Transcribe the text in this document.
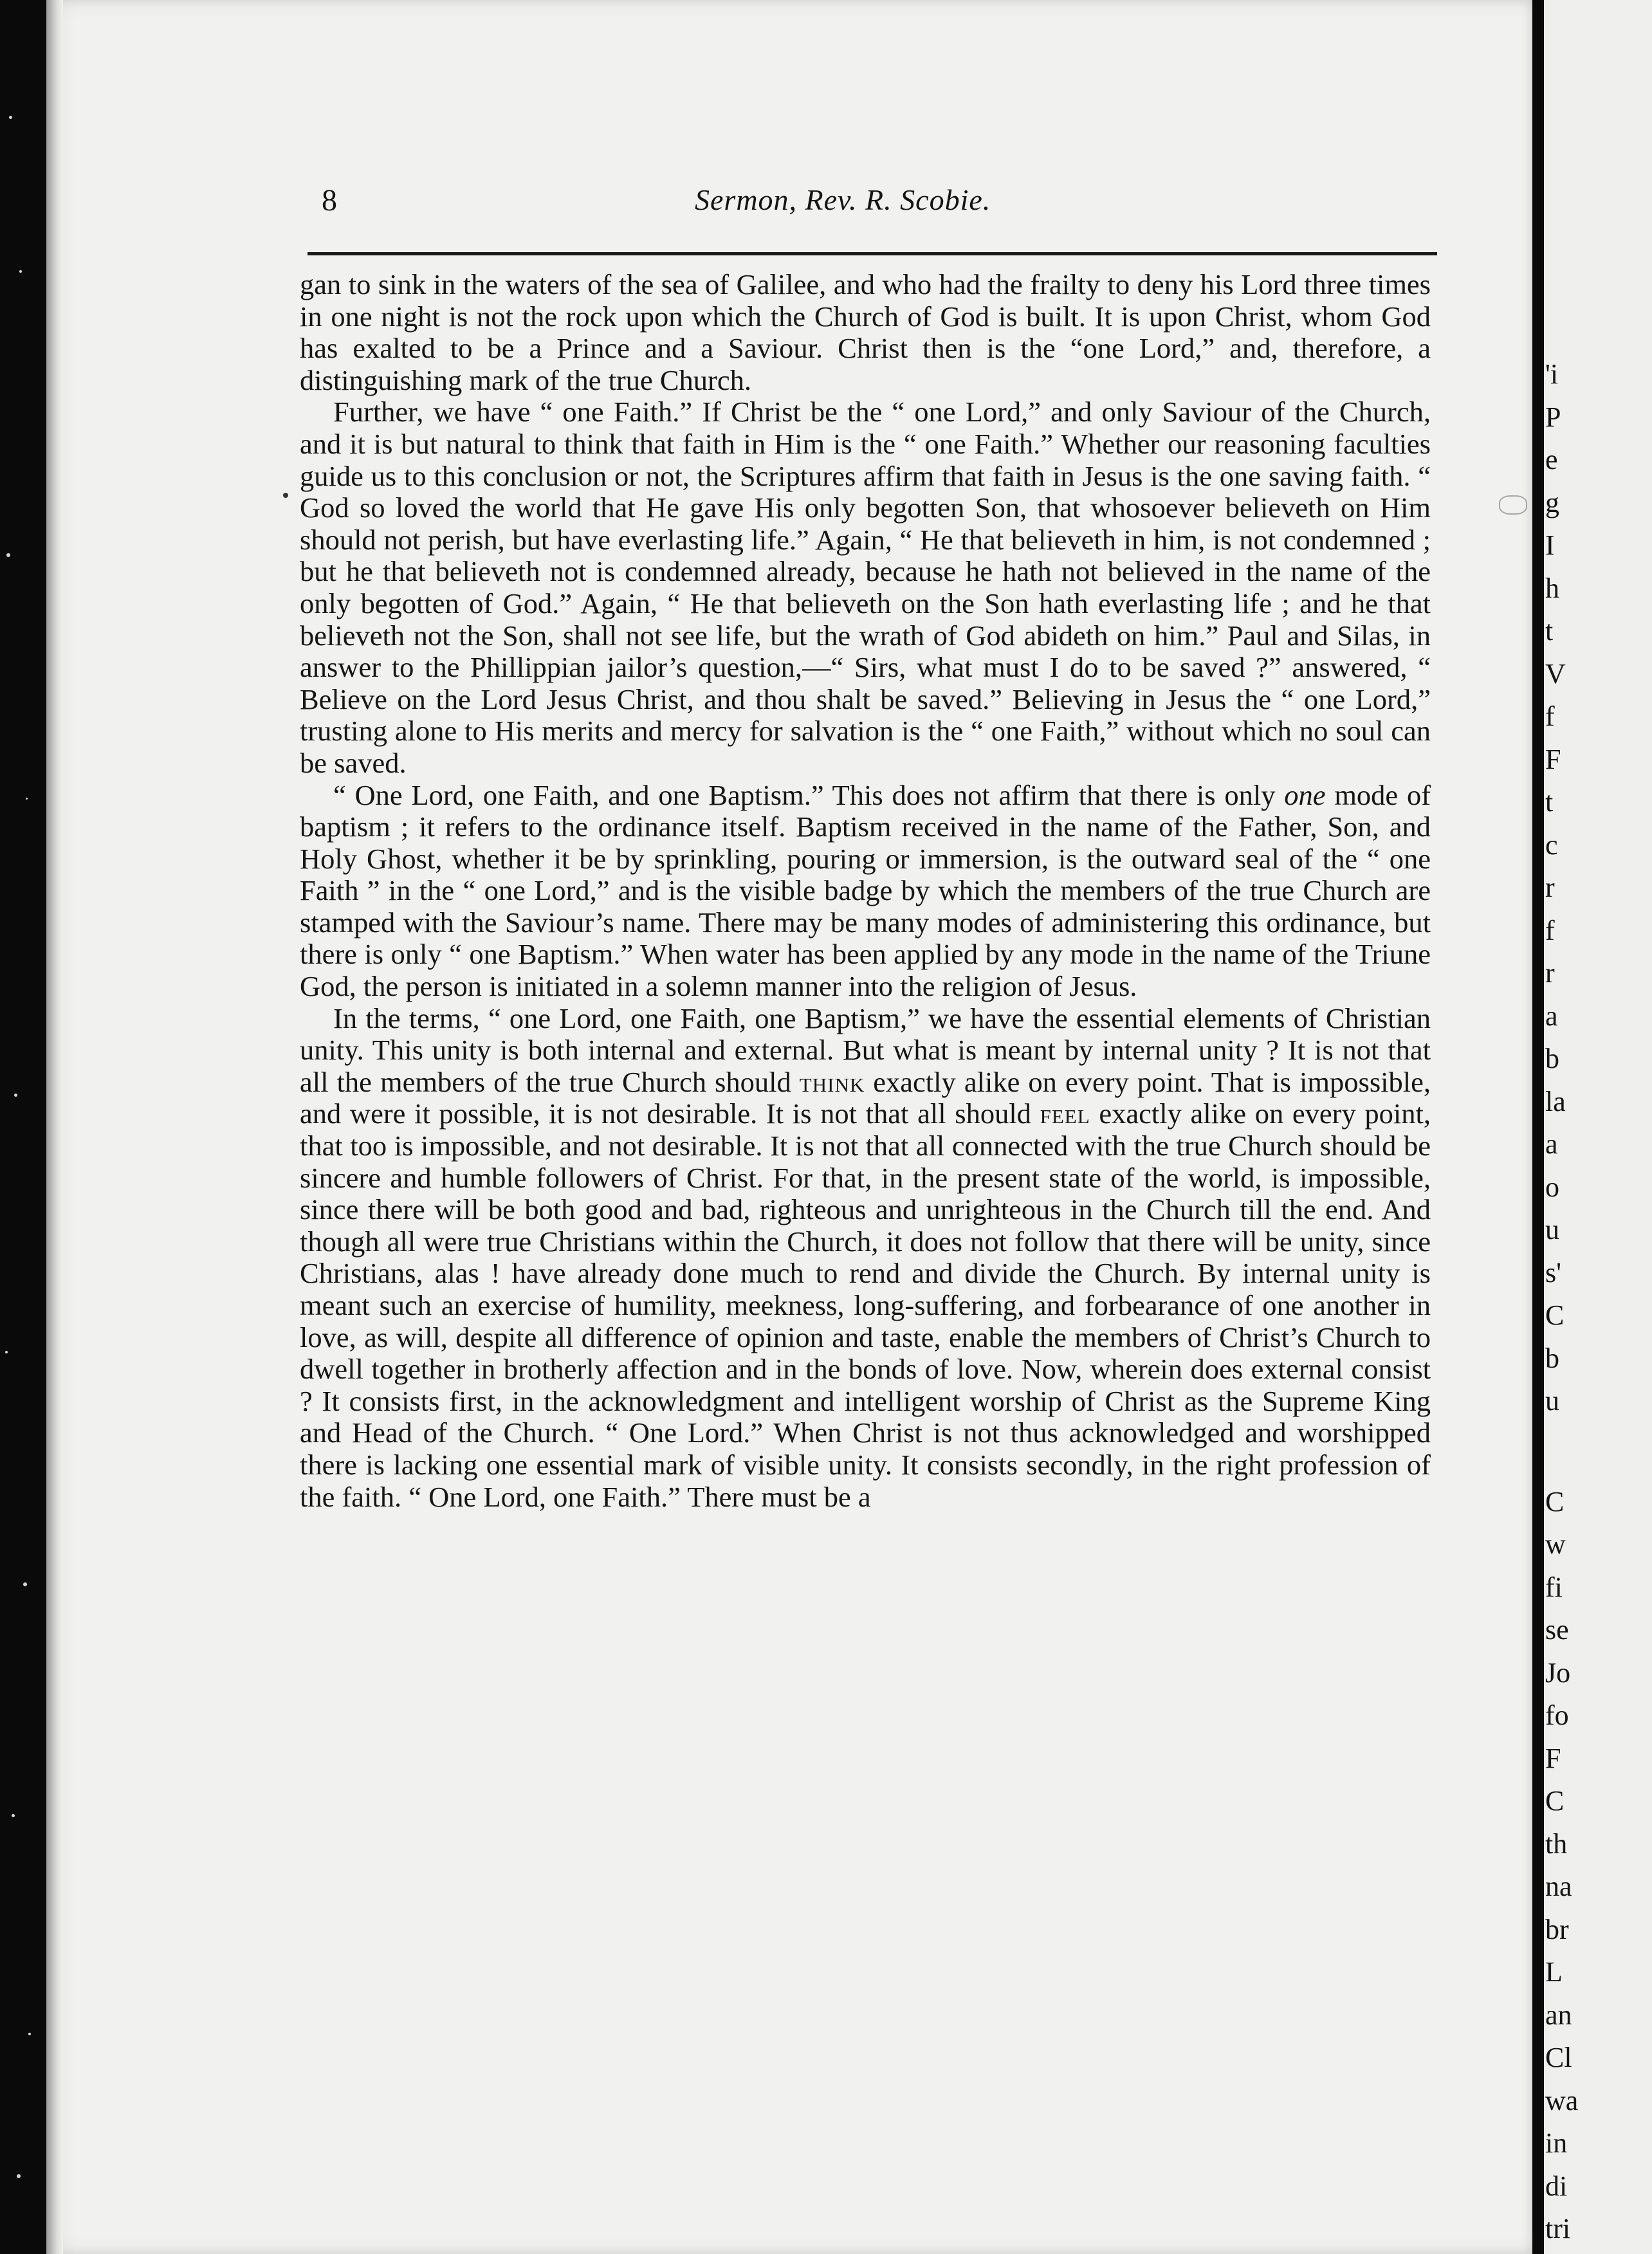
'i
P
e
g
I
h
t
V
f
F
t
c
r
f
r
a
b
la
a
o
u
s'
C
b
u
C
w
fi
se
Jo
fo
F
C
th
na
br
L
an
Cl
wa
in
di
tri
8	Sermon, Rev. R. Scobie.

gan to sink in the waters of the sea of Galilee, and who had the frailty to deny his Lord three times in one night is not the rock upon which the Church of God is built. It is upon Christ, whom God has exalted to be a Prince and a Saviour. Christ then is the “one Lord,” and, therefore, a distinguishing mark of the true Church.

Further, we have “ one Faith.” If Christ be the “ one Lord,” and only Saviour of the Church, and it is but natural to think that faith in Him is the “ one Faith.” Whether our reasoning faculties guide us to this conclusion or not, the Scriptures affirm that faith in Jesus is the one saving faith. “ God so loved the world that He gave His only begotten Son, that whosoever believeth on Him should not perish, but have everlasting life.” Again, “ He that believeth in him, is not condemned ; but he that believeth not is condemned already, because he hath not believed in the name of the only begotten of God.” Again, “ He that believeth on the Son hath everlasting life ; and he that believeth not the Son, shall not see life, but the wrath of God abideth on him.” Paul and Silas, in answer to the Phillippian jailor’s question,—“ Sirs, what must I do to be saved ?” answered, “ Believe on the Lord Jesus Christ, and thou shalt be saved.” Believing in Jesus the “ one Lord,” trusting alone to His merits and mercy for salvation is the “ one Faith,” without which no soul can be saved.

“ One Lord, one Faith, and one Baptism.” This does not affirm that there is only one mode of baptism ; it refers to the ordinance itself. Baptism received in the name of the Father, Son, and Holy Ghost, whether it be by sprinkling, pouring or immersion, is the outward seal of the “ one Faith ” in the “ one Lord,” and is the visible badge by which the members of the true Church are stamped with the Saviour’s name. There may be many modes of administering this ordinance, but there is only “ one Baptism.” When water has been applied by any mode in the name of the Triune God, the person is initiated in a solemn manner into the religion of Jesus.

In the terms, “ one Lord, one Faith, one Baptism,” we have the essential elements of Christian unity. This unity is both internal and external. But what is meant by internal unity ? It is not that all the members of the true Church should think exactly alike on every point. That is impossible, and were it possible, it is not desirable. It is not that all should feel exactly alike on every point, that too is impossible, and not desirable. It is not that all connected with the true Church should be sincere and humble followers of Christ. For that, in the present state of the world, is impossible, since there will be both good and bad, righteous and unrighteous in the Church till the end. And though all were true Christians within the Church, it does not follow that there will be unity, since Christians, alas ! have already done much to rend and divide the Church. By internal unity is meant such an exercise of humility, meekness, long-suffering, and forbearance of one another in love, as will, despite all difference of opinion and taste, enable the members of Christ’s Church to dwell together in brotherly affection and in the bonds of love. Now, wherein does external consist ? It consists first, in the acknowledgment and intelligent worship of Christ as the Supreme King and Head of the Church. “ One Lord.” When Christ is not thus acknowledged and worshipped there is lacking one essential mark of visible unity. It consists secondly, in the right profession of the faith. “ One Lord, one Faith.” There must be a
